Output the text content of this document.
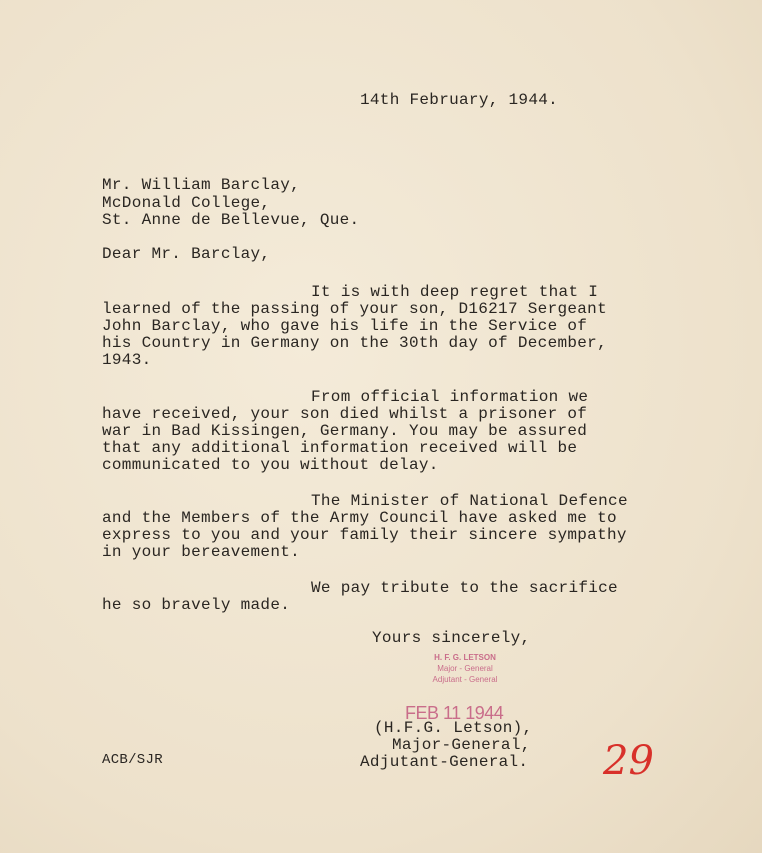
14th February, 1944.
Mr. William Barclay,
McDonald College,
St. Anne de Bellevue, Que.
Dear Mr. Barclay,
It is with deep regret that I
learned of the passing of your son, D16217 Sergeant
John Barclay, who gave his life in the Service of
his Country in Germany on the 30th day of December,
1943.
From official information we
have received, your son died whilst a prisoner of
war in Bad Kissingen, Germany. You may be assured
that any additional information received will be
communicated to you without delay.
The Minister of National Defence
and the Members of the Army Council have asked me to
express to you and your family their sincere sympathy
in your bereavement.
We pay tribute to the sacrifice
he so bravely made.
Yours sincerely,
H. F. G. LETSON
Major - General
Adjutant - General
FEB 11 1944
(H.F.G. Letson),
Major-General,
Adjutant-General.
ACB/SJR	29
